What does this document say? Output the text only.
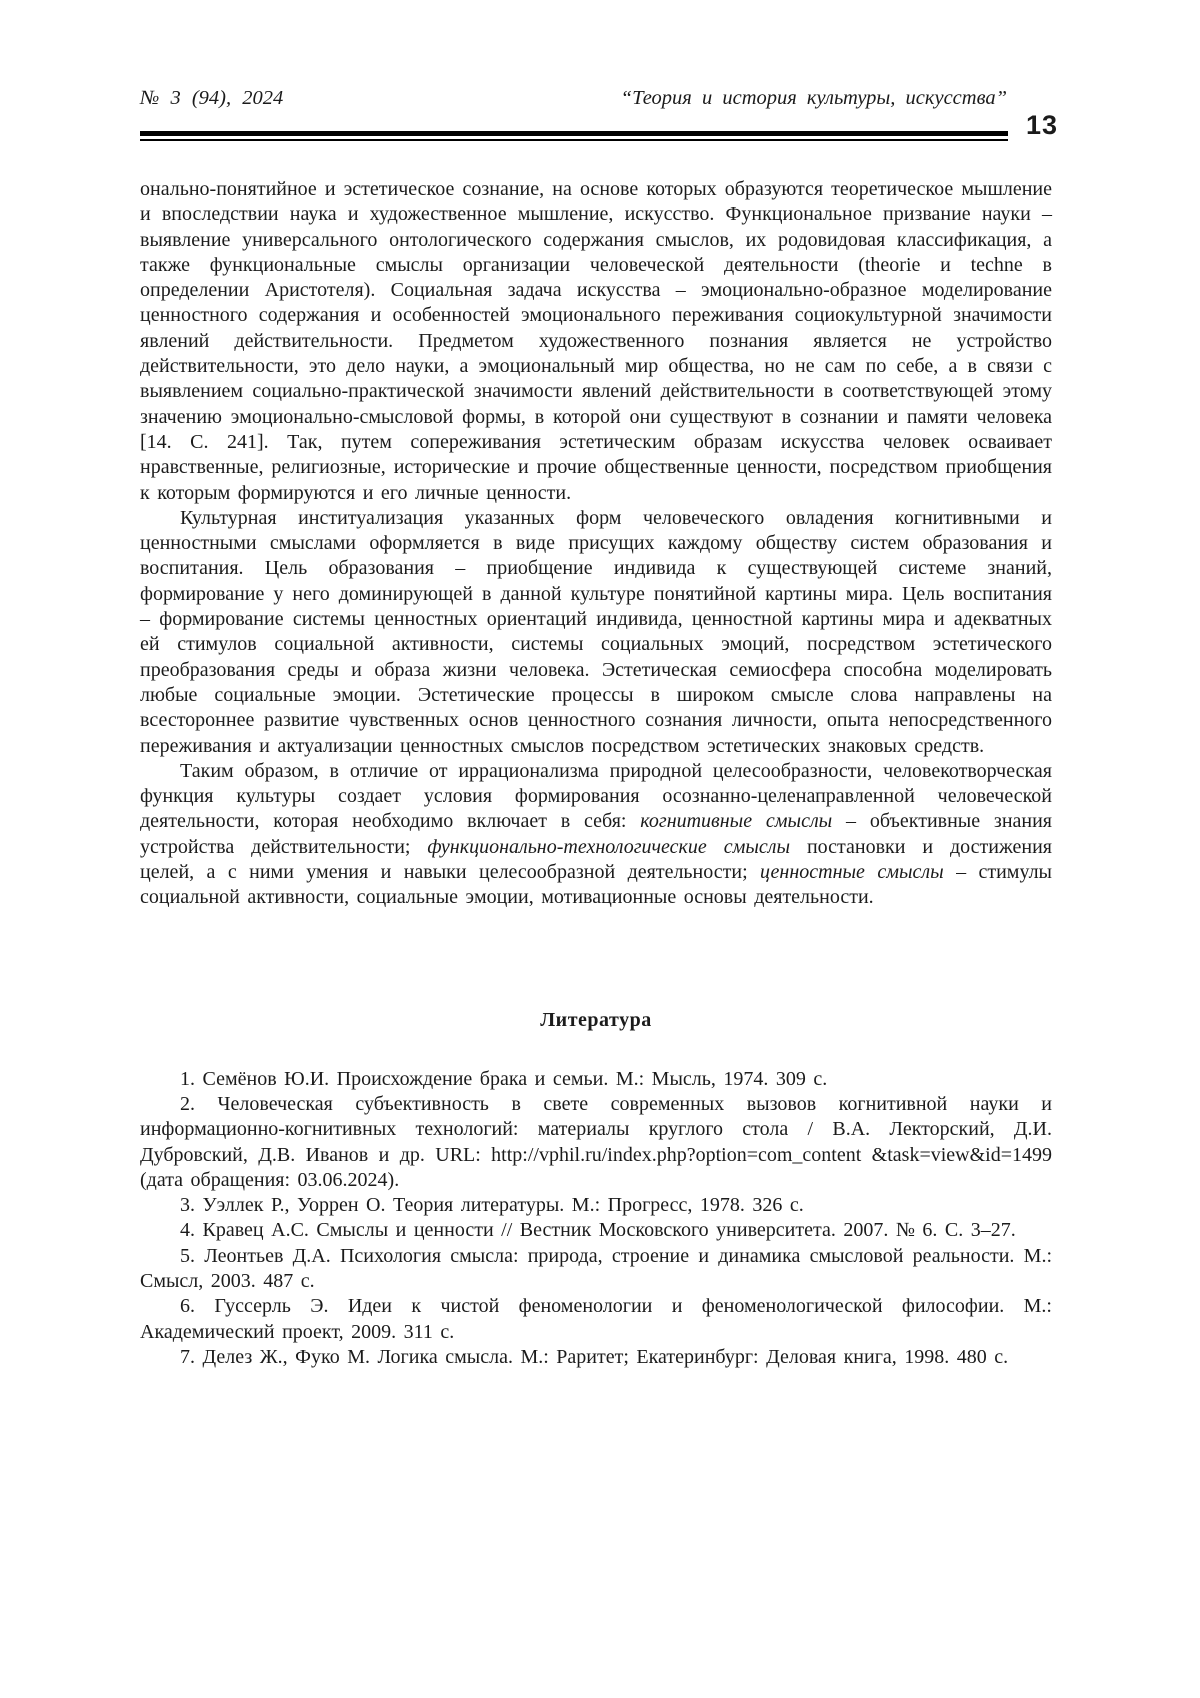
№ 3 (94), 2024	“Теория и история культуры, искусства”
13

онально-понятийное и эстетическое сознание, на основе которых образуются теоретическое мышление и впоследствии наука и художественное мышление, искусство. Функциональное призвание науки – выявление универсального онтологического содержания смыслов, их родовидовая классификация, а также функциональные смыслы организации человеческой деятельности (theorie и techne в определении Аристотеля). Социальная задача искусства – эмоционально-образное моделирование ценностного содержания и особенностей эмоционального переживания социокультурной значимости явлений действительности. Предметом художественного познания является не устройство действительности, это дело науки, а эмоциональный мир общества, но не сам по себе, а в связи с выявлением социально-практической значимости явлений действительности в соответствующей этому значению эмоционально-смысловой формы, в которой они существуют в сознании и памяти человека [14. С. 241]. Так, путем сопереживания эстетическим образам искусства человек осваивает нравственные, религиозные, исторические и прочие общественные ценности, посредством приобщения к которым формируются и его личные ценности.

Культурная институализация указанных форм человеческого овладения когнитивными и ценностными смыслами оформляется в виде присущих каждому обществу систем образования и воспитания. Цель образования – приобщение индивида к существующей системе знаний, формирование у него доминирующей в данной культуре понятийной картины мира. Цель воспитания – формирование системы ценностных ориентаций индивида, ценностной картины мира и адекватных ей стимулов социальной активности, системы социальных эмоций, посредством эстетического преобразования среды и образа жизни человека. Эстетическая семиосфера способна моделировать любые социальные эмоции. Эстетические процессы в широком смысле слова направлены на всестороннее развитие чувственных основ ценностного сознания личности, опыта непосредственного переживания и актуализации ценностных смыслов посредством эстетических знаковых средств.

Таким образом, в отличие от иррационализма природной целесообразности, человекотворческая функция культуры создает условия формирования осознанно-целенаправленной человеческой деятельности, которая необходимо включает в себя: когнитивные смыслы – объективные знания устройства действительности; функционально-технологические смыслы постановки и достижения целей, а с ними умения и навыки целесообразной деятельности; ценностные смыслы – стимулы социальной активности, социальные эмоции, мотивационные основы деятельности.

Литература

1. Семёнов Ю.И. Происхождение брака и семьи. М.: Мысль, 1974. 309 с.

2. Человеческая субъективность в свете современных вызовов когнитивной науки и информационно-когнитивных технологий: материалы круглого стола / В.А. Лекторский, Д.И. Дубровский, Д.В. Иванов и др. URL: http://vphil.ru/index.php?option=com_content &task=view&id=1499 (дата обращения: 03.06.2024).

3. Уэллек Р., Уоррен О. Теория литературы. М.: Прогресс, 1978. 326 с.

4. Кравец А.С. Смыслы и ценности // Вестник Московского университета. 2007. № 6. С. 3–27.

5. Леонтьев Д.А. Психология смысла: природа, строение и динамика смысловой реальности. М.: Смысл, 2003. 487 с.

6. Гуссерль Э. Идеи к чистой феноменологии и феноменологической философии. М.: Академический проект, 2009. 311 с.

7. Делез Ж., Фуко М. Логика смысла. М.: Раритет; Екатеринбург: Деловая книга, 1998. 480 с.
